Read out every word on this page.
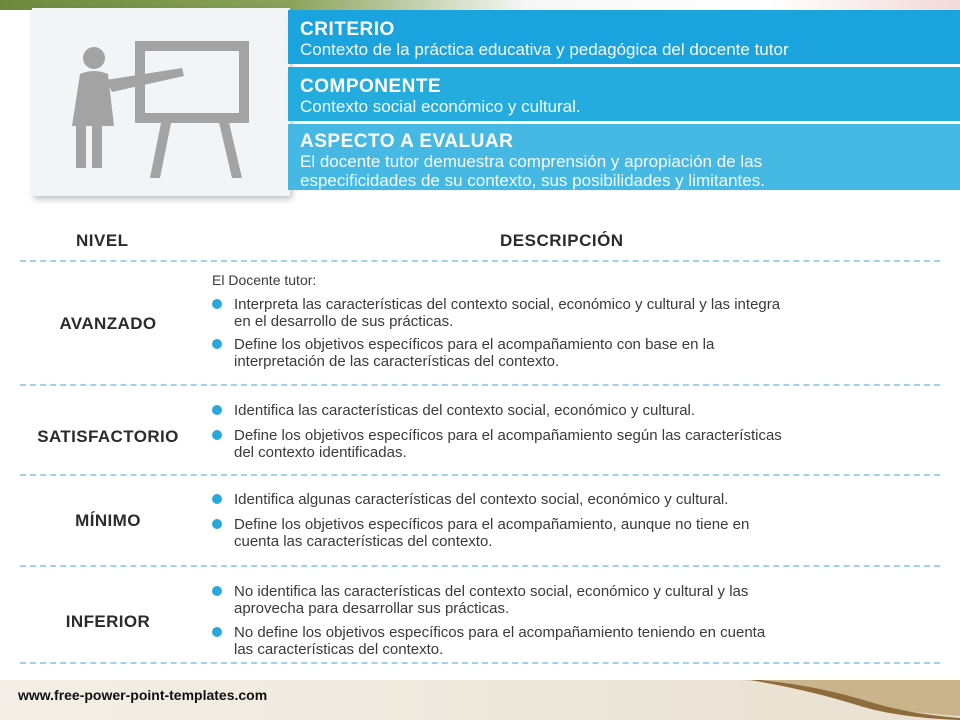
CRITERIO
Contexto de la práctica educativa y pedagógica del docente tutor
COMPONENTE
Contexto social económico y cultural.
ASPECTO A EVALUAR
El docente tutor demuestra comprensión y apropiación de las
especificidades de su contexto, sus posibilidades y limitantes.
NIVEL	DESCRIPCIÓN
AVANZADO
El Docente tutor:
Interpreta las características del contexto social, económico y cultural y las integra
en el desarrollo de sus prácticas.
Define los objetivos específicos para el acompañamiento con base en la
interpretación de las características del contexto.
SATISFACTORIO
Identifica las características del contexto social, económico y cultural.
Define los objetivos específicos para el acompañamiento según las características
del contexto identificadas.
MÍNIMO
Identifica algunas características del contexto social, económico y cultural.
Define los objetivos específicos para el acompañamiento, aunque no tiene en
cuenta las características del contexto.
INFERIOR
No identifica las características del contexto social, económico y cultural y las
aprovecha para desarrollar sus prácticas.
No define los objetivos específicos para el acompañamiento teniendo en cuenta
las características del contexto.
www.free-power-point-templates.com
